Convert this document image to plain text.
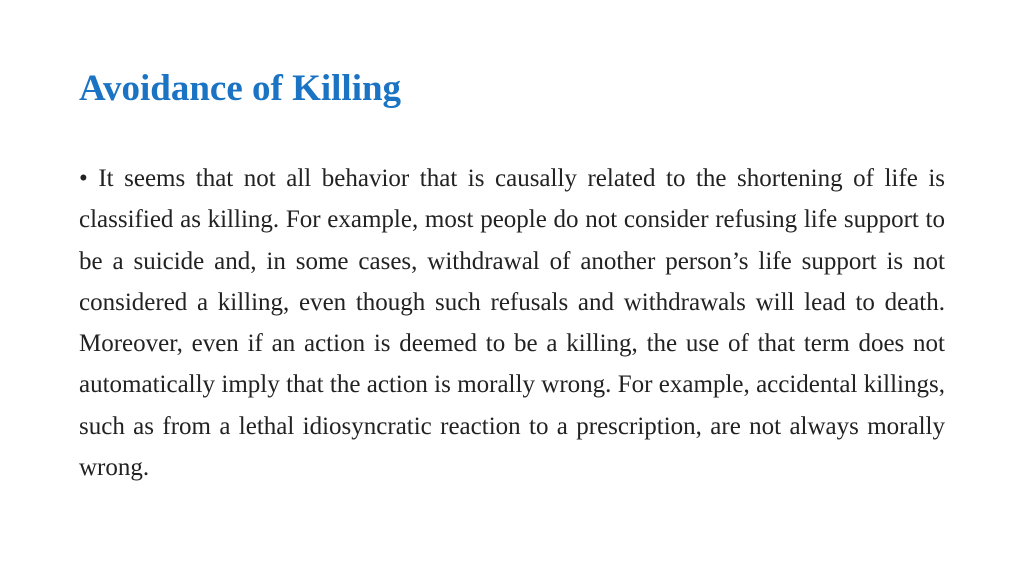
Avoidance of Killing

• It seems that not all behavior that is causally related to the shortening of life is classified as killing. For example, most people do not consider refusing life support to be a suicide and, in some cases, withdrawal of another person’s life support is not considered a killing, even though such refusals and withdrawals will lead to death. Moreover, even if an action is deemed to be a killing, the use of that term does not automatically imply that the action is morally wrong. For example, accidental killings, such as from a lethal idiosyncratic reaction to a prescription, are not always morally wrong.
